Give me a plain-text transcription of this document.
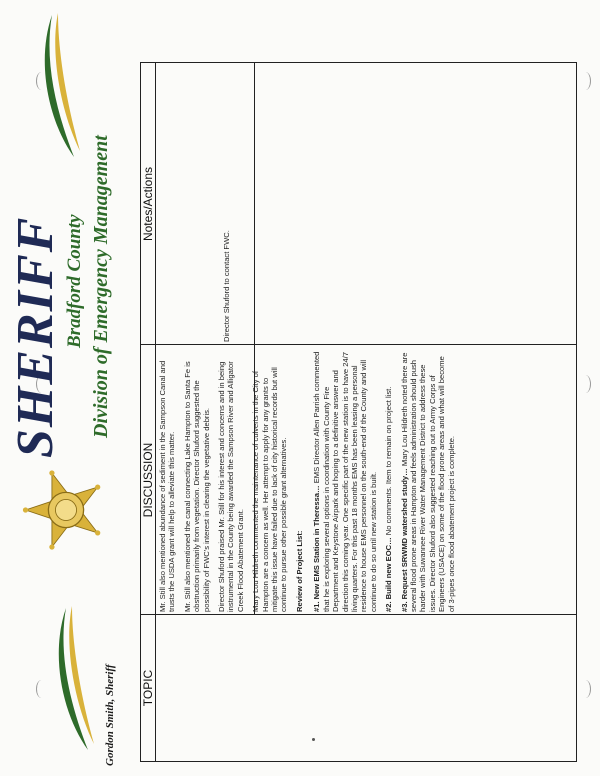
Gordon Smith, Sheriff
SHERIFF Bradford County Division of Emergency Management
TOPIC
DISCUSSION
Notes/Actions

Mr. Still also mentioned abundance of sediment in the Sampson Canal and trusts the USDA grant will help to alleviate this matter. Mr. Still also mentioned the canal connecting Lake Hampton to Santa Fe is obstruction primarily from vegetation. Director Shuford suggested the possibility of FWC's interest in clearing the vegetative debris. Director Shuford praised Mr. Still for his interest and concerns and in being instrumental in the County being awarded the Sampson River and Alligator Creek Flood Abatement Grant. Mary Lou Hildreth commented the maintenance of culverts in the City of Hampton are a concern as well. Her attempt to apply for any grants to mitigate this issue have failed due to lack of city historical records but will continue to pursue other possible grant alternatives. Review of Project List: #1. New EMS Station in Theressa… EMS Director Allen Parrish commented that he is exploring several options in coordination with County Fire Department and Keystone Airpark and hoping to a definitive answer and direction this coming year. One specific part of the new station is to have 24/7 living quarters. For this past 18 months EMS has been leasing a personal residence to house EMS personnel on the south-end of the County and will continue to do so until new station is built. #2. Build new EOC… No comments. Item to remain on project list.

#3. Request SRWMD watershed study… Mary Lou Hildreth noted there are several flood prone areas in Hampton and feels administration should push harder with Suwannee River Water Management District to address these issues. Director Shuford also suggested reaching out to Army Corps of Engineers (USACE) on some of the flood prone areas and what will become of 3-pipes once flood abatement project is complete.

Director Shuford to contact FWC.
